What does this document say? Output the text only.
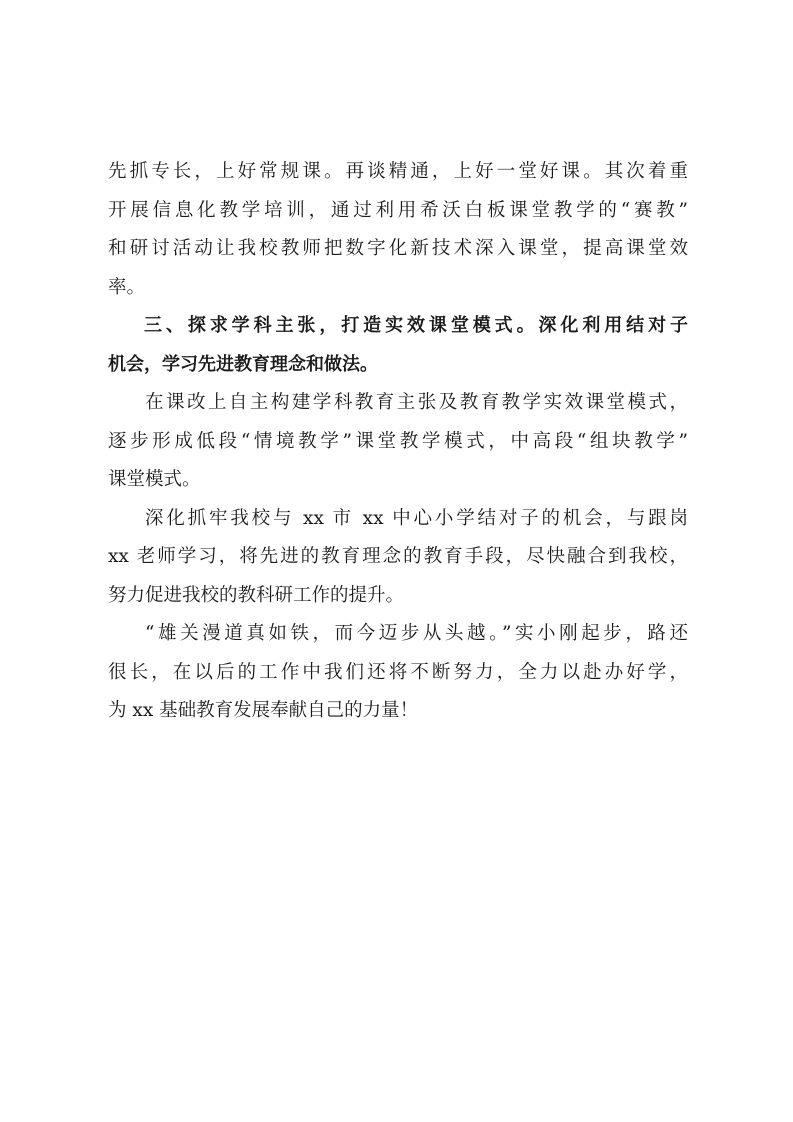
先抓专长，上好常规课。再谈精通，上好一堂好课。其次着重
开展信息化教学培训，通过利用希沃白板课堂教学的“赛教”
和研讨活动让我校教师把数字化新技术深入课堂，提高课堂效
率。

三、探求学科主张，打造实效课堂模式。深化利用结对子
机会，学习先进教育理念和做法。

在课改上自主构建学科教育主张及教育教学实效课堂模式，
逐步形成低段“情境教学”课堂教学模式，中高段“组块教学”
课堂模式。

深化抓牢我校与 xx 市 xx 中心小学结对子的机会，与跟岗
xx 老师学习，将先进的教育理念的教育手段，尽快融合到我校，
努力促进我校的教科研工作的提升。

“雄关漫道真如铁，而今迈步从头越。”实小刚起步，路还
很长，在以后的工作中我们还将不断努力，全力以赴办好学，
为 xx 基础教育发展奉献自己的力量！
